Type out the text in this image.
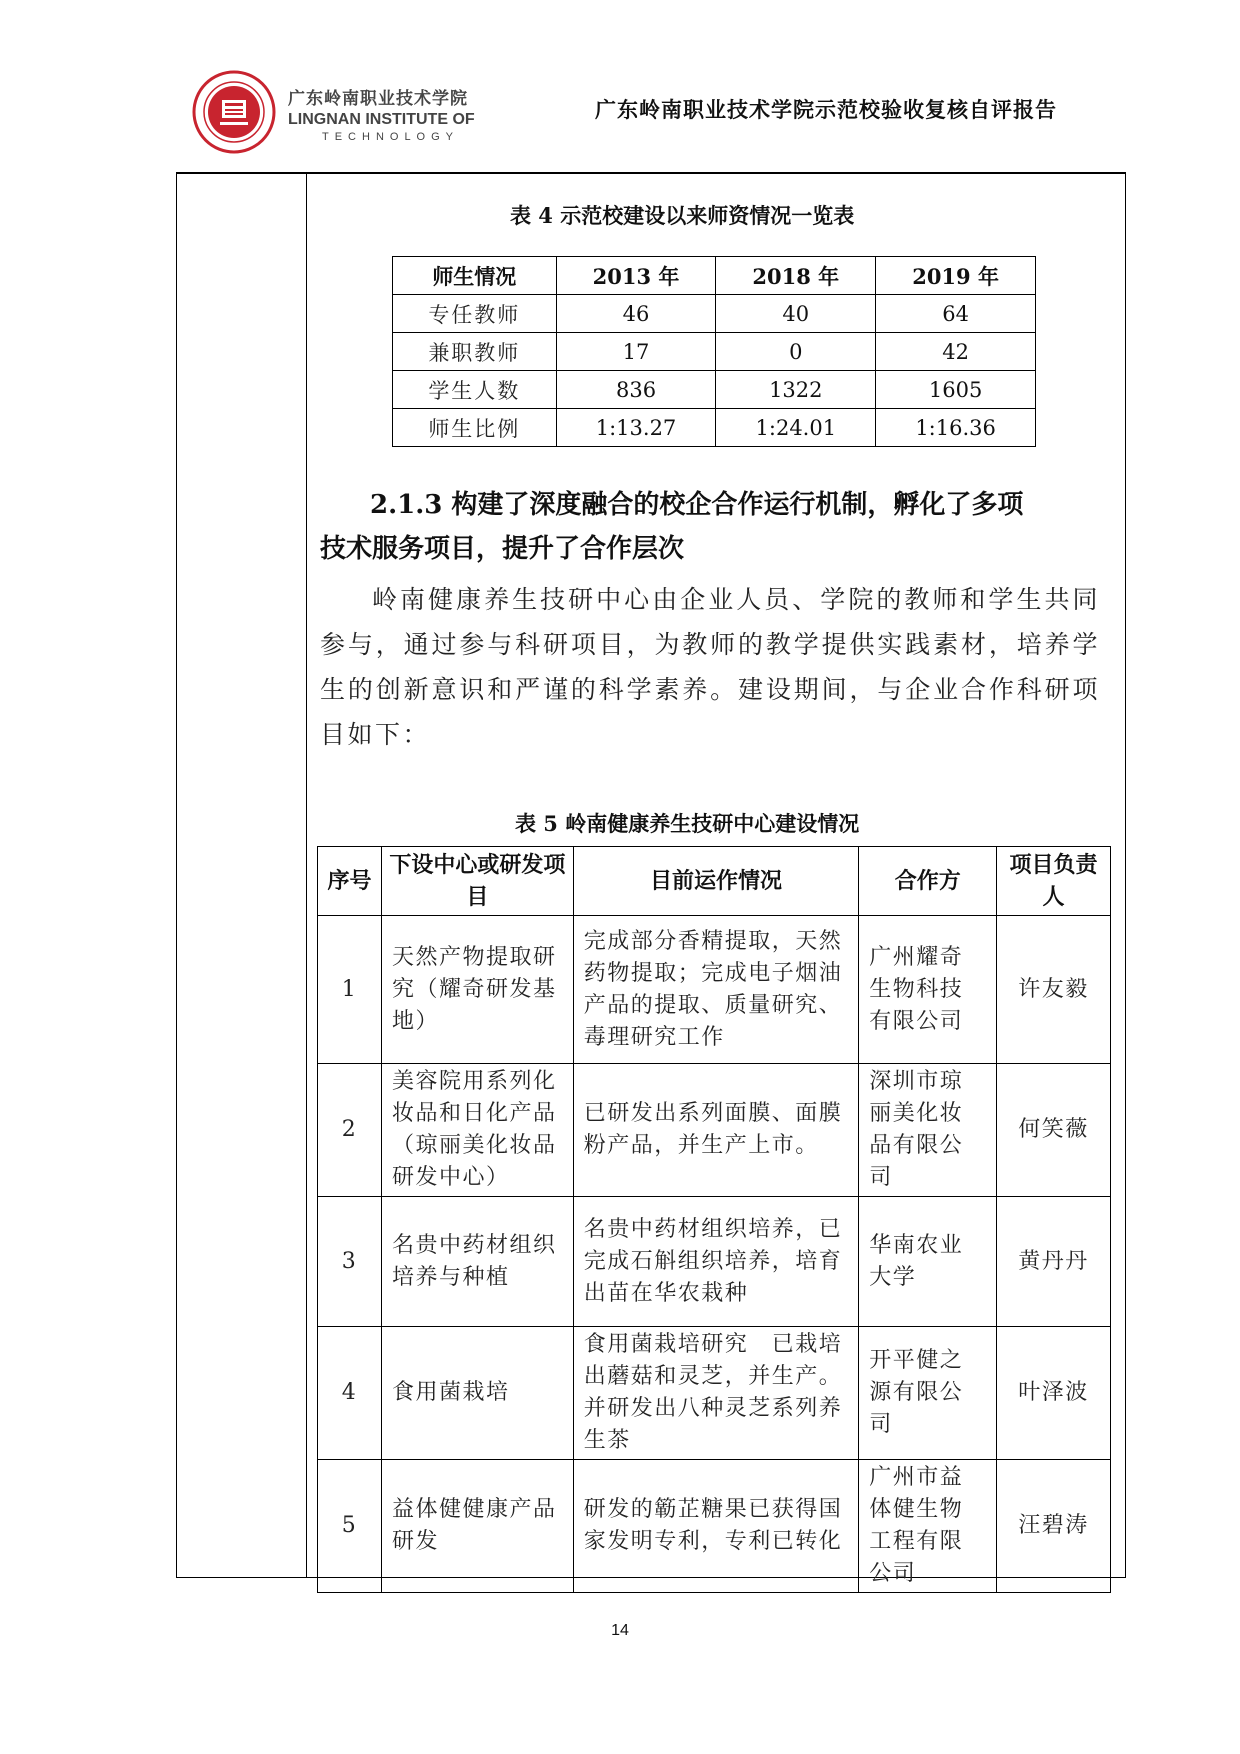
广东岭南职业技术学院
LINGNAN INSTITUTE OF
TECHNOLOGY
广东岭南职业技术学院示范校验收复核自评报告
表 4 示范校建设以来师资情况一览表
师生情况	2013 年	2018 年	2019 年
专任教师	46	40	64
兼职教师	17	0	42
学生人数	836	1322	1605
师生比例	1:13.27	1:24.01	1:16.36
2.1.3 构建了深度融合的校企合作运行机制，孵化了多项
技术服务项目，提升了合作层次
岭南健康养生技研中心由企业人员、学院的教师和学生共同参与，通过参与科研项目，为教师的教学提供实践素材，培养学生的创新意识和严谨的科学素养。建设期间，与企业合作科研项目如下：
表 5 岭南健康养生技研中心建设情况
序号	下设中心或研发项目	目前运作情况	合作方	项目负责人
1	天然产物提取研究（耀奇研发基地）	完成部分香精提取，天然药物提取；完成电子烟油产品的提取、质量研究、毒理研究工作	广州耀奇生物科技有限公司	许友毅
2	美容院用系列化妆品和日化产品（琼丽美化妆品研发中心）	已研发出系列面膜、面膜粉产品，并生产上市。	深圳市琼丽美化妆品有限公司	何笑薇
3	名贵中药材组织培养与种植	名贵中药材组织培养，已完成石斛组织培养，培育出苗在华农栽种	华南农业大学	黄丹丹
4	食用菌栽培	食用菌栽培研究　已栽培出蘑菇和灵芝，并生产。并研发出八种灵芝系列养生茶	开平健之源有限公司	叶泽波
5	益体健健康产品研发	研发的簕芷糖果已获得国家发明专利，专利已转化	广州市益体健生物工程有限公司	汪碧涛
14
